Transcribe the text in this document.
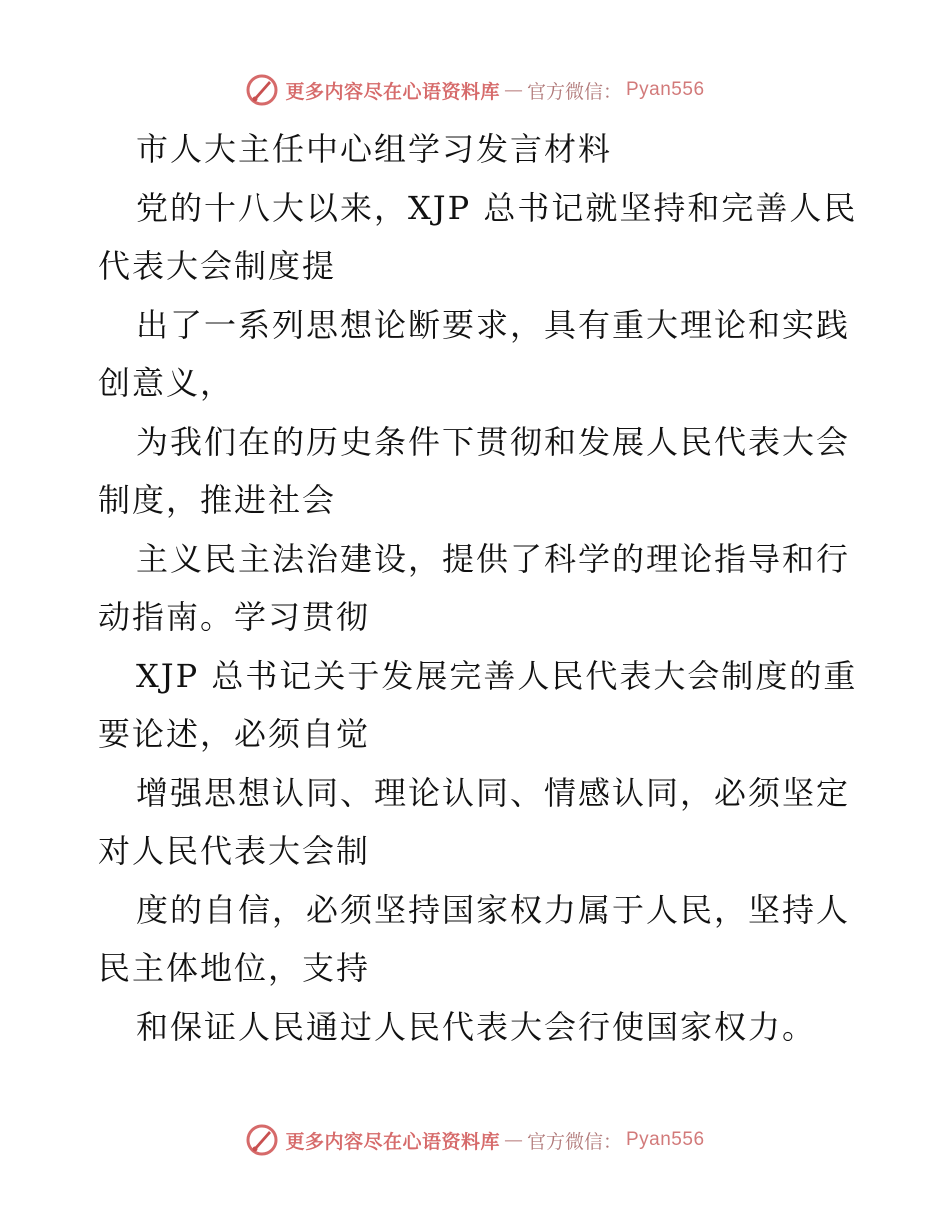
更多内容尽在心语资料库 — 官方微信： Pyan556
市人大主任中心组学习发言材料
党的十八大以来，XJP 总书记就坚持和完善人民
代表大会制度提
出了一系列思想论断要求，具有重大理论和实践
创意义，
为我们在的历史条件下贯彻和发展人民代表大会
制度，推进社会
主义民主法治建设，提供了科学的理论指导和行
动指南。学习贯彻
XJP 总书记关于发展完善人民代表大会制度的重
要论述，必须自觉
增强思想认同、理论认同、情感认同，必须坚定
对人民代表大会制
度的自信，必须坚持国家权力属于人民，坚持人
民主体地位，支持
和保证人民通过人民代表大会行使国家权力。
更多内容尽在心语资料库 — 官方微信： Pyan556
